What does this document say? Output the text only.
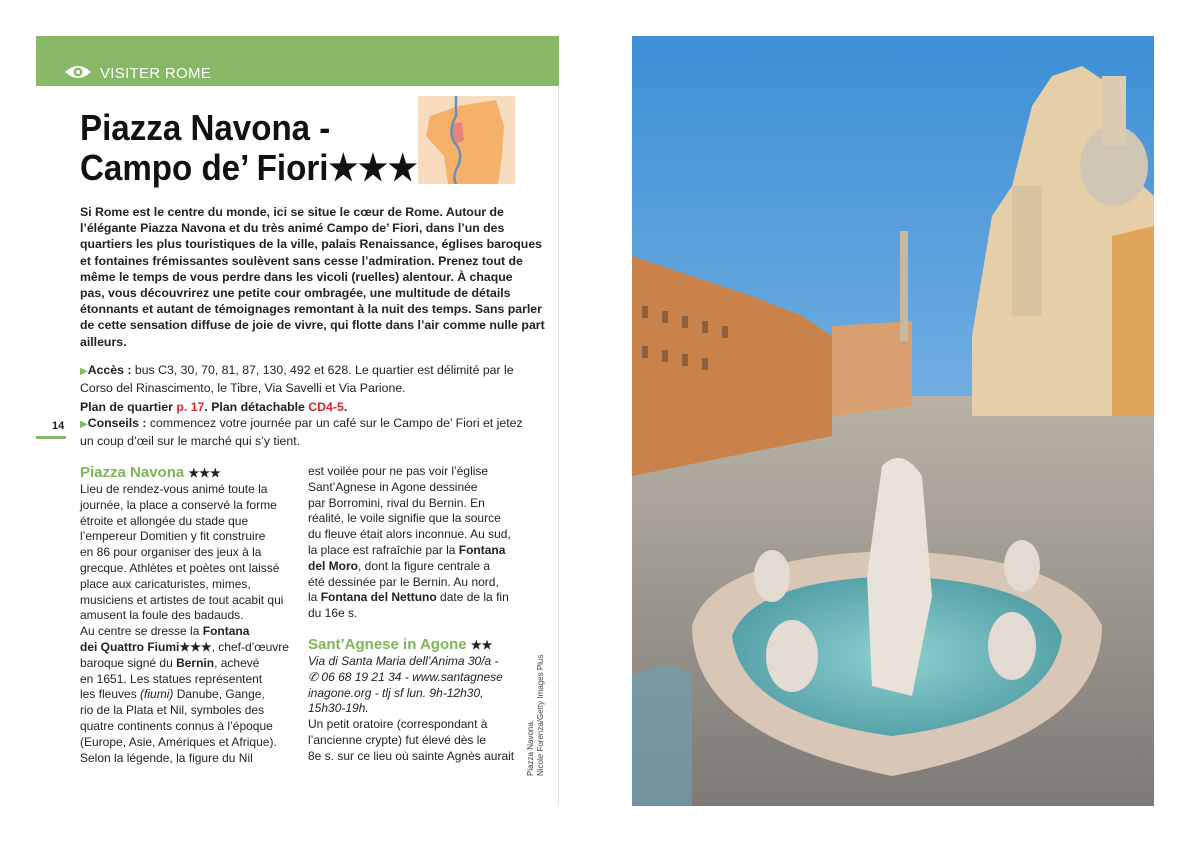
VISITER ROME
Piazza Navona -
Campo de’ Fiori★★★
Si Rome est le centre du monde, ici se situe le cœur de Rome. Autour de
l’élégante Piazza Navona et du très animé Campo de’ Fiori, dans l’un des
quartiers les plus touristiques de la ville, palais Renaissance, églises baroques
et fontaines frémissantes soulèvent sans cesse l’admiration. Prenez tout de
même le temps de vous perdre dans les vicoli (ruelles) alentour. À chaque
pas, vous découvrirez une petite cour ombragée, une multitude de détails
étonnants et autant de témoignages remontant à la nuit des temps. Sans parler
de cette sensation diffuse de joie de vivre, qui flotte dans l’air comme nulle part
ailleurs.
▶Accès : bus C3, 30, 70, 81, 87, 130, 492 et 628. Le quartier est délimité par le
Corso del Rinascimento, le Tibre, Via Savelli et Via Parione.
Plan de quartier p. 17. Plan détachable CD4-5.
▶Conseils : commencez votre journée par un café sur le Campo de’ Fiori et jetez
un coup d’œil sur le marché qui s’y tient.
14
Piazza Navona ★★★
Lieu de rendez-vous animé toute la
journée, la place a conservé la forme
étroite et allongée du stade que
l’empereur Domitien y fit construire
en 86 pour organiser des jeux à la
grecque. Athlètes et poètes ont laissé
place aux caricaturistes, mimes,
musiciens et artistes de tout acabit qui
amusent la foule des badauds.
Au centre se dresse la Fontana
dei Quattro Fiumi★★★, chef-d’œuvre
baroque signé du Bernin, achevé
en 1651. Les statues représentent
les fleuves (fiumi) Danube, Gange,
rio de la Plata et Nil, symboles des
quatre continents connus à l’époque
(Europe, Asie, Amériques et Afrique).
Selon la légende, la figure du Nil
est voilée pour ne pas voir l’église
Sant’Agnese in Agone dessinée
par Borromini, rival du Bernin. En
réalité, le voile signifie que la source
du fleuve était alors inconnue. Au sud,
la place est rafraîchie par la Fontana
del Moro, dont la figure centrale a
été dessinée par le Bernin. Au nord,
la Fontana del Nettuno date de la fin
du 16e s.
Sant’Agnese in Agone ★★
Via di Santa Maria dell’Anima 30/a -
✆ 06 68 19 21 34 - www.santagnese
inagone.org - tlj sf lun. 9h-12h30,
15h30-19h.
Un petit oratoire (correspondant à
l’ancienne crypte) fut élevé dès le
8e s. sur ce lieu où sainte Agnès aurait	Piazza Navona. Nicole Forenza/Getty Images Plus
